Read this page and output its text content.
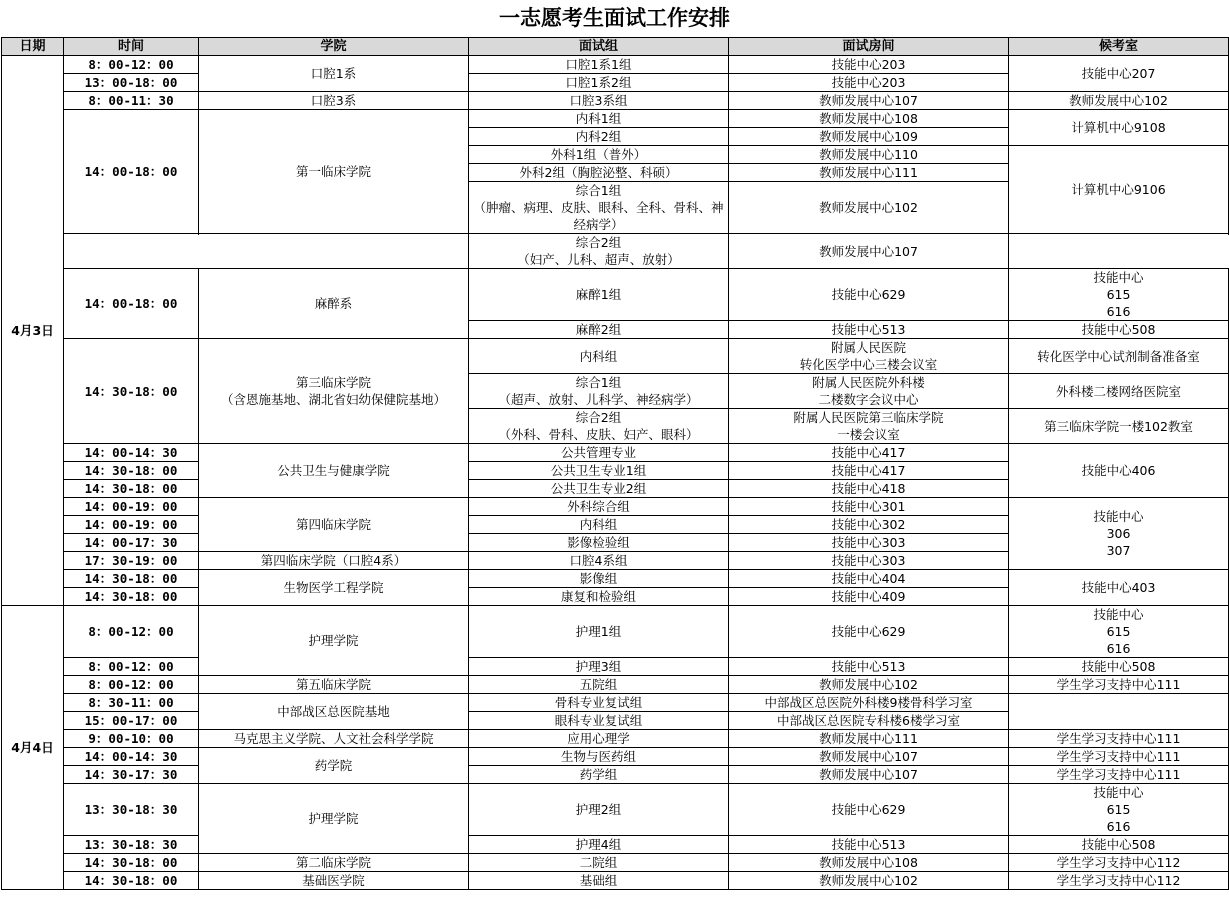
一志愿考生面试工作安排
日期	时间	学院	面试组	面试房间	候考室
4月3日	8：00-12：00	口腔1系	口腔1系1组	技能中心203	技能中心207
	13：00-18：00		口腔1系2组	技能中心203	
	8：00-11：30	口腔3系	口腔3系组	教师发展中心107	教师发展中心102
	14：00-18：00	第一临床学院	内科1组	教师发展中心108	计算机中心9108
			内科2组	教师发展中心109	
			外科1组（普外）	教师发展中心110	计算机中心9106
			外科2组（胸腔泌整、科硕）	教师发展中心111	
			综合1组
（肿瘤、病理、皮肤、眼科、全科、骨科、神经病学）	教师发展中心102	

			综合2组
（妇产、儿科、超声、放射）	教师发展中心107	

	14：00-18：00	麻醉系	麻醉1组	技能中心629	技能中心
615
616

			麻醉2组	技能中心513	技能中心508
	14：30-18：00	第三临床学院
（含恩施基地、湖北省妇幼保健院基地）	内科组	附属人民医院
转化医学中心三楼会议室	转化医学中心试剂制备准备室

			综合1组
（超声、放射、儿科学、神经病学）	附属人民医院外科楼
二楼数字会议中心	外科楼二楼网络医院室

			综合2组
（外科、骨科、皮肤、妇产、眼科）	附属人民医院第三临床学院
一楼会议室	第三临床学院一楼102教室

	14：00-14：30	公共卫生与健康学院	公共管理专业	技能中心417	技能中心406
	14：30-18：00		公共卫生专业1组	技能中心417	
	14：30-18：00		公共卫生专业2组	技能中心418	
	14：00-19：00	第四临床学院	外科综合组	技能中心301	技能中心
306
307
	14：00-19：00		内科组	技能中心302	
	14：00-17：30		影像检验组	技能中心303	
	17：30-19：00	第四临床学院（口腔4系）	口腔4系组	技能中心303	
	14：30-18：00	生物医学工程学院	影像组	技能中心404	技能中心403
	14：30-18：00		康复和检验组	技能中心409	
4月4日	8：00-12：00	护理学院	护理1组	技能中心629	技能中心
615
616

	8：00-12：00		护理3组	技能中心513	技能中心508
	8：00-12：00	第五临床学院	五院组	教师发展中心102	学生学习支持中心111
	8：30-11：00	中部战区总医院基地	骨科专业复试组	中部战区总医院外科楼9楼骨科学习室	
	15：00-17：00		眼科专业复试组	中部战区总医院专科楼6楼学习室	
	9：00-10：00	马克思主义学院、人文社会科学学院	应用心理学	教师发展中心111	学生学习支持中心111
	14：00-14：30	药学院	生物与医药组	教师发展中心107	学生学习支持中心111
	14：30-17：30		药学组	教师发展中心107	学生学习支持中心111
	13：30-18：30	护理学院	护理2组	技能中心629	技能中心
615
616

	13：30-18：30		护理4组	技能中心513	技能中心508
	14：30-18：00	第二临床学院	二院组	教师发展中心108	学生学习支持中心112
	14：30-18：00	基础医学院	基础组	教师发展中心102	学生学习支持中心112
